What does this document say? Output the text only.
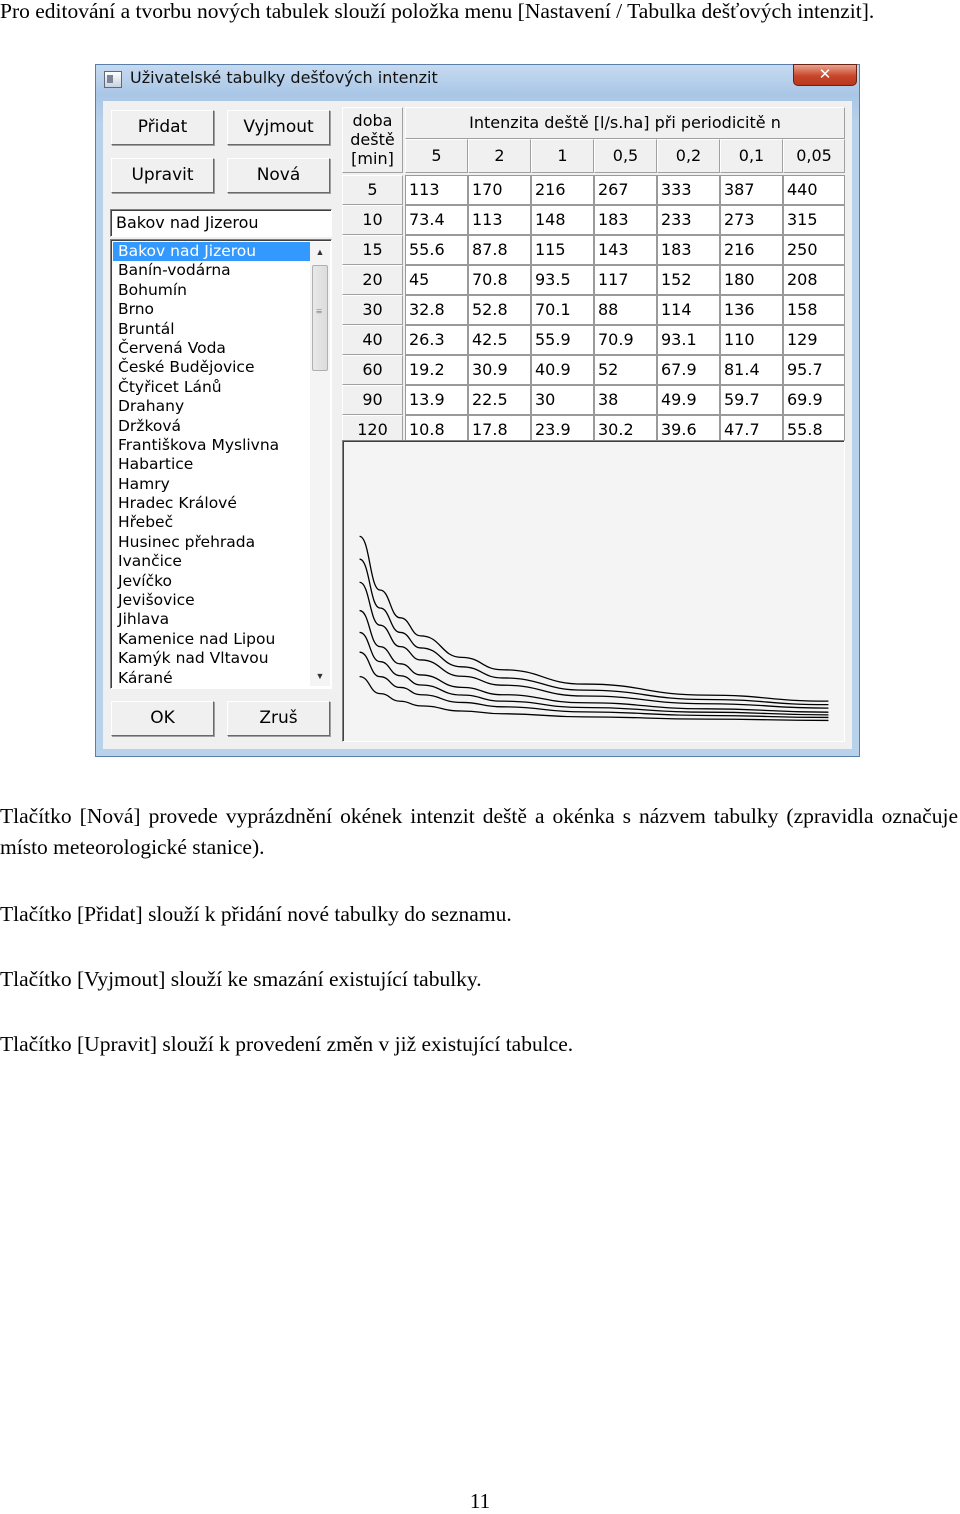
Pro editování a tvorbu nových tabulek slouží položka menu [Nastavení / Tabulka dešťových intenzit].

Uživatelské tabulky dešťových intenzit	✕
Přidat	Vyjmout
Upravit	Nová
Bakov nad Jizerou
Bakov nad Jizerou
Banín-vodárna
Bohumín
Brno
Bruntál
Červená Voda
České Budějovice
Čtyřicet Lánů
Drahany
Držková
Františkova Myslivna
Habartice
Hamry
Hradec Králové
Hřebeč
Husinec přehrada
Ivančice
Jevíčko
Jevišovice
Jihlava
Kamenice nad Lipou
Kamýk nad Vltavou
Kárané
▲
≡
▼
OK	Zruš
doba
deště
[min]
Intenzita deště [l/s.ha] při periodicitě n
5	2	1	0,5	0,2	0,1	0,05
5	113	170	216	267	333	387	440
10	73.4	113	148	183	233	273	315
15	55.6	87.8	115	143	183	216	250
20	45	70.8	93.5	117	152	180	208
30	32.8	52.8	70.1	88	114	136	158
40	26.3	42.5	55.9	70.9	93.1	110	129
60	19.2	30.9	40.9	52	67.9	81.4	95.7
90	13.9	22.5	30	38	49.9	59.7	69.9
120	10.8	17.8	23.9	30.2	39.6	47.7	55.8

Tlačítko [Nová] provede vyprázdnění okének intenzit deště a okénka s názvem tabulky (zpravidla označuje místo meteorologické stanice).

Tlačítko [Přidat] slouží k přidání nové tabulky do seznamu.

Tlačítko [Vyjmout] slouží ke smazání existující tabulky.

Tlačítko [Upravit] slouží k provedení změn v již existující tabulce.

11
